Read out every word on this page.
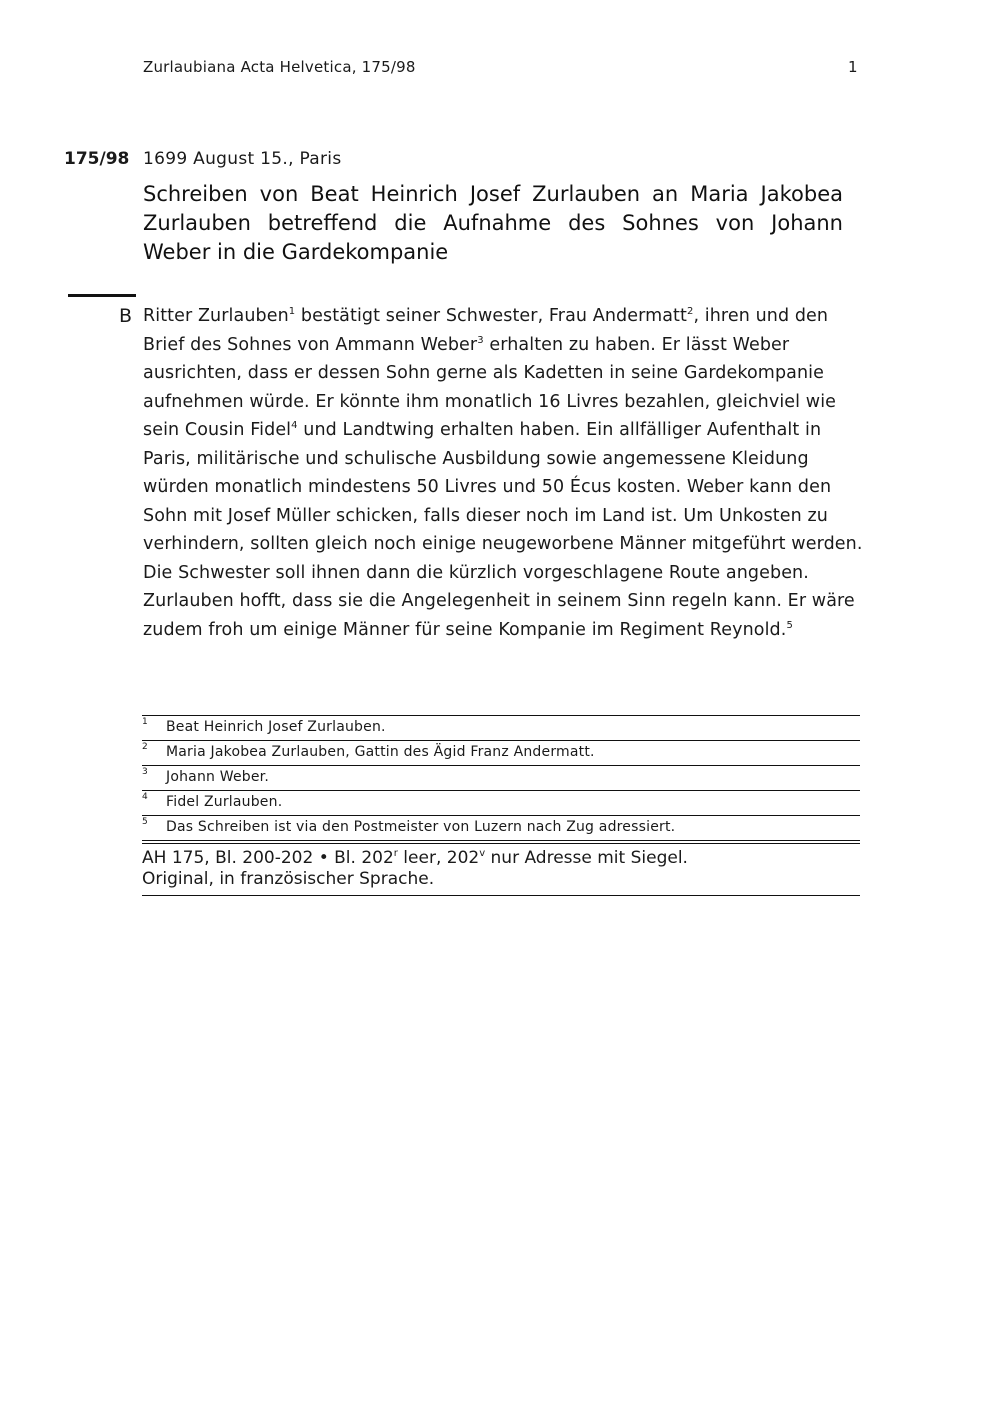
Zurlaubiana Acta Helvetica, 175/98	1
175/98 1699 August 15., Paris
Schreiben von Beat Heinrich Josef Zurlauben an Maria Jakobea Zurlauben betreffend die Aufnahme des Sohnes von Johann Weber in die Gardekompanie
B Ritter Zurlauben$^1$ bestätigt seiner Schwester, Frau Andermatt$^2$, ihren und den Brief des Sohnes von Ammann Weber$^3$ erhalten zu haben. Er lässt Weber ausrichten, dass er dessen Sohn gerne als Kadetten in seine Gardekompanie aufnehmen würde. Er könnte ihm monatlich 16 Livres bezahlen, gleichviel wie sein Cousin Fidel$^4$ und Landtwing erhalten haben. Ein allfälliger Aufenthalt in Paris, militärische und schulische Ausbildung sowie angemessene Kleidung würden monatlich mindestens 50 Livres und 50 Écus kosten. Weber kann den Sohn mit Josef Müller schicken, falls dieser noch im Land ist. Um Unkosten zu verhindern, sollten gleich noch einige neugeworbene Männer mitgeführt werden. Die Schwester soll ihnen dann die kürzlich vorgeschlagene Route angeben. Zurlauben hofft, dass sie die Angelegenheit in seinem Sinn regeln kann. Er wäre zudem froh um einige Männer für seine Kompanie im Regiment Reynold.$^5$

1	Beat Heinrich Josef Zurlauben.
2	Maria Jakobea Zurlauben, Gattin des Ägid Franz Andermatt.
3	Johann Weber.
4	Fidel Zurlauben.
5	Das Schreiben ist via den Postmeister von Luzern nach Zug adressiert.
AH 175, Bl. 200-202 • Bl. 202$^r$ leer, 202$^v$ nur Adresse mit Siegel.
Original, in französischer Sprache.
